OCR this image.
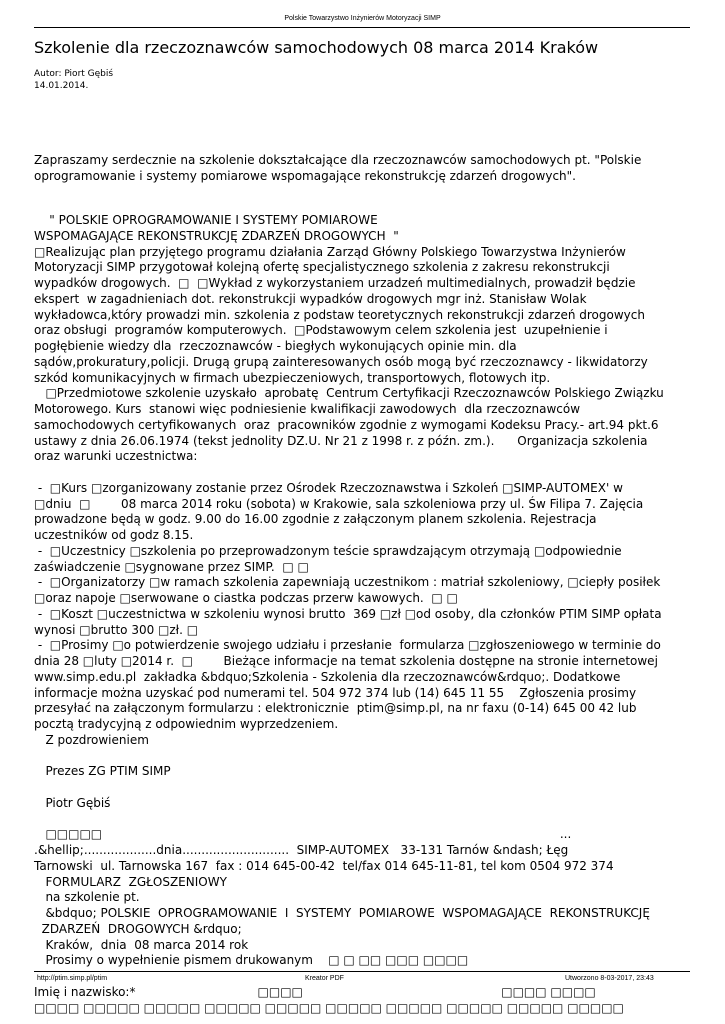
Polskie Towarzystwo Inżynierów Motoryzacji SIMP
Szkolenie dla rzeczoznawców samochodowych 08 marca 2014 Kraków
Autor: Piort Gębiś
14.01.2014.
Zapraszamy serdecznie na szkolenie dokształcające dla rzeczoznawców samochodowych pt. "Polskie
oprogramowanie i systemy pomiarowe wspomagające rekonstrukcję zdarzeń drogowych".
" POLSKIE OPROGRAMOWANIE I SYSTEMY POMIAROWE
WSPOMAGAJĄCE REKONSTRUKCJĘ ZDARZEŃ DROGOWYCH  "
□Realizując plan przyjętego programu działania Zarząd Główny Polskiego Towarzystwa Inżynierów
Motoryzacji SIMP przygotował kolejną ofertę specjalistycznego szkolenia z zakresu rekonstrukcji
wypadków drogowych.  □  □Wykład z wykorzystaniem urzadzeń multimedialnych, prowadził będzie
ekspert  w zagadnieniach dot. rekonstrukcji wypadków drogowych mgr inż. Stanisław Wolak
wykładowca,który prowadzi min. szkolenia z podstaw teoretycznych rekonstrukcji zdarzeń drogowych
oraz obsługi  programów komputerowych.  □Podstawowym celem szkolenia jest  uzupełnienie i
pogłębienie wiedzy dla  rzeczoznawców - biegłych wykonujących opinie min. dla
sądów,prokuratury,policji. Drugą grupą zainteresowanych osób mogą być rzeczoznawcy - likwidatorzy
szkód komunikacyjnych w firmach ubezpieczeniowych, transportowych, flotowych itp.
□Przedmiotowe szkolenie uzyskało  aprobatę  Centrum Certyfikacji Rzeczoznawców Polskiego Związku
Motorowego. Kurs  stanowi więc podniesienie kwalifikacji zawodowych  dla rzeczoznawców
samochodowych certyfikowanych  oraz  pracowników zgodnie z wymogami Kodeksu Pracy.- art.94 pkt.6
ustawy z dnia 26.06.1974 (tekst jednolity DZ.U. Nr 21 z 1998 r. z późn. zm.).      Organizacja szkolenia
oraz warunki uczestnictwa:
-  □Kurs □zorganizowany zostanie przez Ośrodek Rzeczoznawstwa i Szkoleń □SIMP-AUTOMEX' w
□dniu  □        08 marca 2014 roku (sobota) w Krakowie, sala szkoleniowa przy ul. Św Filipa 7. Zajęcia
prowadzone będą w godz. 9.00 do 16.00 zgodnie z załączonym planem szkolenia. Rejestracja
uczestników od godz 8.15.
-  □Uczestnicy □szkolenia po przeprowadzonym teście sprawdzającym otrzymają □odpowiednie
zaświadczenie □sygnowane przez SIMP.  □ □
-  □Organizatorzy □w ramach szkolenia zapewniają uczestnikom : matriał szkoleniowy, □ciepły posiłek
□oraz napoje □serwowane o ciastka podczas przerw kawowych.  □ □
-  □Koszt □uczestnictwa w szkoleniu wynosi brutto  369 □zł □od osoby, dla członków PTIM SIMP opłata
wynosi □brutto 300 □zł. □
-  □Prosimy □o potwierdzenie swojego udziału i przesłanie  formularza □zgłoszeniowego w terminie do
dnia 28 □luty □2014 r.  □        Bieżące informacje na temat szkolenia dostępne na stronie internetowej
www.simp.edu.pl  zakładka &bdquo;Szkolenia - Szkolenia dla rzeczoznawców&rdquo;. Dodatkowe
informacje można uzyskać pod numerami tel. 504 972 374 lub (14) 645 11 55    Zgłoszenia prosimy
przesyłać na załączonym formularzu : elektronicznie  ptim@simp.pl, na nr faxu (0-14) 645 00 42 lub
pocztą tradycyjną z odpowiednim wyprzedzeniem.
Z pozdrowieniem
Prezes ZG PTIM SIMP
Piotr Gębiś
□□□□□                                                                                                                        ...
.&hellip;...................dnia............................  SIMP-AUTOMEX   33-131 Tarnów &ndash; Łęg
Tarnowski  ul. Tarnowska 167  fax : 014 645-00-42  tel/fax 014 645-11-81, tel kom 0504 972 374
FORMULARZ  ZGŁOSZENIOWY
na szkolenie pt.
&bdquo; POLSKIE  OPROGRAMOWANIE  I  SYSTEMY  POMIAROWE  WSPOMAGAJĄCE  REKONSTRUKCJĘ
ZDARZEŃ  DROGOWYCH &rdquo;
Kraków,  dnia  08 marca 2014 rok
Prosimy o wypełnienie pismem drukowanym    □ □ □□ □□□ □□□□
Imię i nazwisko:*                                □□□□                                                    □□□□ □□□□
□□□□ □□□□□ □□□□□ □□□□□ □□□□□ □□□□□ □□□□□ □□□□□ □□□□□ □□□□□
http://ptim.simp.pl/ptim	Kreator PDF	Utworzono 8-03-2017, 23:43
